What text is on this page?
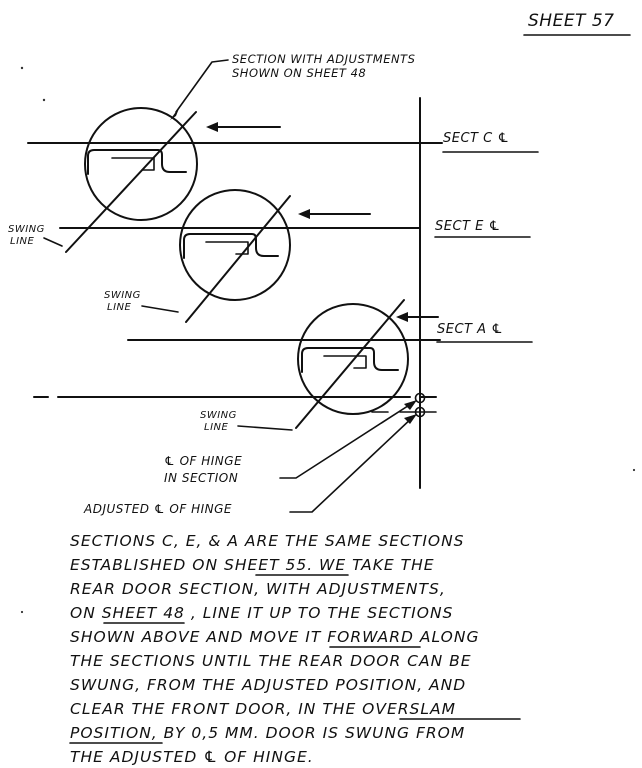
SHEET 57
SECTION WITH ADJUSTMENTS
SHOWN ON SHEET 48
SECT C ℄
SWING
LINE
SECT E ℄
SWING
LINE
SECT A ℄
SWING
LINE
℄ OF HINGE
IN SECTION
ADJUSTED ℄ OF HINGE
SECTIONS C, E, & A ARE THE SAME SECTIONS
ESTABLISHED ON SHEET 55. WE TAKE THE
REAR DOOR SECTION, WITH ADJUSTMENTS,
ON SHEET 48 , LINE IT UP TO THE SECTIONS
SHOWN ABOVE AND MOVE IT FORWARD ALONG
THE SECTIONS UNTIL THE REAR DOOR CAN BE
SWUNG, FROM THE ADJUSTED POSITION, AND
CLEAR THE FRONT DOOR, IN THE OVERSLAM
POSITION, BY 0,5 MM. DOOR IS SWUNG FROM
THE ADJUSTED ℄ OF HINGE.
